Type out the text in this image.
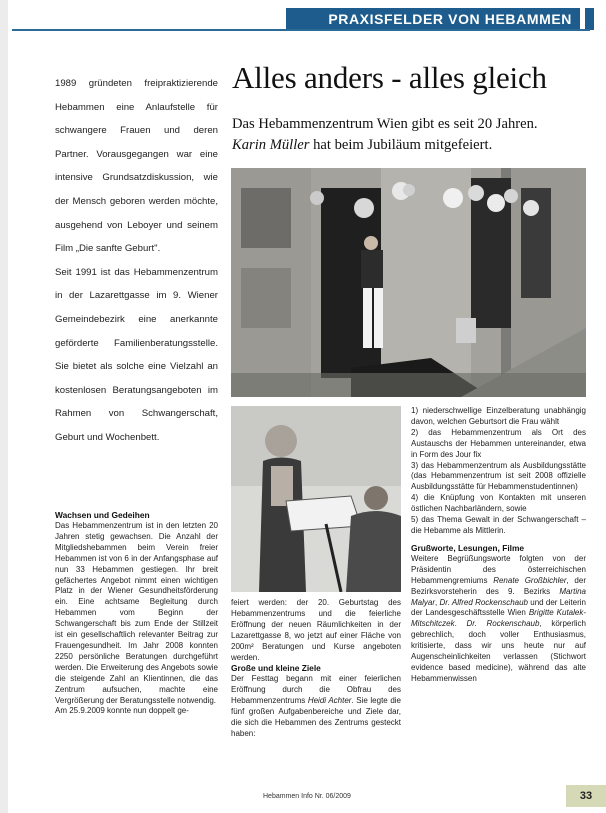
PRAXISFELDER VON HEBAMMEN

1989 gründeten freipraktizierende Hebammen eine Anlaufstelle für schwangere Frauen und deren Partner. Vorausgegangen war eine intensive Grundsatzdiskussion, wie der Mensch geboren werden möchte, ausgehend von Leboyer und seinem Film „Die sanfte Geburt".

Seit 1991 ist das Hebammenzentrum in der Lazarettgasse im 9. Wiener Gemeindebezirk eine anerkannte geförderte Familienberatungsstelle. Sie bietet als solche eine Vielzahl an kostenlosen Beratungsangeboten im Rahmen von Schwangerschaft, Geburt und Wochenbett.

Alles anders - alles gleich
Das Hebammenzentrum Wien gibt es seit 20 Jahren.
Karin Müller hat beim Jubiläum mitgefeiert.
Wachsen und Gedeihen

Das Hebammenzentrum ist in den letzten 20 Jahren stetig gewachsen. Die Anzahl der Mitgliedshebammen beim Verein freier Hebammen ist von 6 in der Anfangsphase auf nun 33 Hebammen gestiegen. Ihr breit gefächertes Angebot nimmt einen wichtigen Platz in der Wiener Gesundheitsförderung ein. Eine achtsame Begleitung durch Hebammen vom Beginn der Schwangerschaft bis zum Ende der Stillzeit ist ein gesellschaftlich relevanter Beitrag zur Frauengesundheit. Im Jahr 2008 konnten 2250 persönliche Beratungen durchgeführt werden. Die Erweiterung des Angebots sowie die steigende Zahl an Klientinnen, die das Zentrum aufsuchen, machte eine Vergrößerung der Beratungsstelle notwendig.

Am 25.9.2009 konnte nun doppelt ge-

feiert werden: der 20. Geburtstag des Hebammenzentrums und die feierliche Eröffnung der neuen Räumlichkeiten in der Lazarettgasse 8, wo jetzt auf einer Fläche von 200m² Beratungen und Kurse angeboten werden.

Große und kleine Ziele

Der Festtag begann mit einer feierlichen Eröffnung durch die Obfrau des Hebammenzentrums Heidi Achter. Sie legte die fünf großen Aufgabenbereiche und Ziele dar, die sich die Hebammen des Zentrums gesteckt haben:

1) niederschwellige Einzelberatung unabhängig davon, welchen Geburtsort die Frau wählt

2) das Hebammenzentrum als Ort des Austauschs der Hebammen untereinander, etwa in Form des Jour fix

3) das Hebammenzentrum als Ausbildungsstätte (das Hebammenzentrum ist seit 2008 offizielle Ausbildungsstätte für Hebammenstudentinnen)

4) die Knüpfung von Kontakten mit unseren östlichen Nachbarländern, sowie

5) das Thema Gewalt in der Schwangerschaft – die Hebamme als Mittlerin.

Grußworte, Lesungen, Filme

Weitere Begrüßungsworte folgten von der Präsidentin des österreichischen Hebammengremiums Renate Großbichler, der Bezirksvorsteherin des 9. Bezirks Martina Malyar, Dr. Alfred Rockenschaub und der Leiterin der Landesgeschäftsstelle Wien Brigitte Kutalek-Mitschitczek. Dr. Rockenschaub, körperlich gebrechlich, doch voller Enthusiasmus, kritisierte, dass wir uns heute nur auf Augenscheinlichkeiten verlassen (Stichwort evidence based medicine), während das alte Hebammenwissen

Hebammen Info Nr. 06/2009	33
